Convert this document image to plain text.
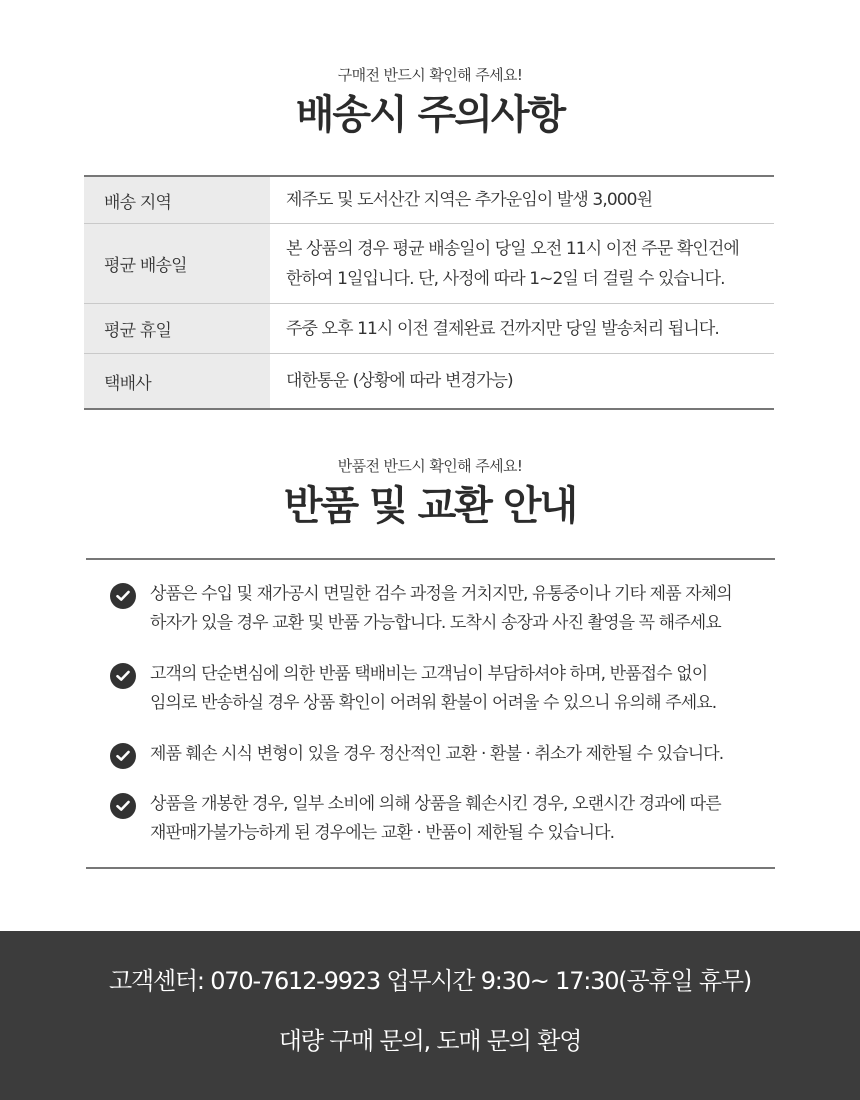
구매전 반드시 확인해 주세요!
배송시 주의사항
배송 지역	제주도 및 도서산간 지역은 추가운임이 발생 3,000원
평균 배송일
본 상품의 경우 평균 배송일이 당일 오전 11시 이전 주문 확인건에
한하여 1일입니다. 단, 사정에 따라 1~2일 더 걸릴 수 있습니다.
평균 휴일	주중 오후 11시 이전 결제완료 건까지만 당일 발송처리 됩니다.
택배사	대한통운 (상황에 따라 변경가능)
반품전 반드시 확인해 주세요!
반품 및 교환 안내
상품은 수입 및 재가공시 면밀한 검수 과정을 거치지만, 유통중이나 기타 제품 자체의
하자가 있을 경우 교환 및 반품 가능합니다. 도착시 송장과 사진 촬영을 꼭 해주세요
고객의 단순변심에 의한 반품 택배비는 고객님이 부담하셔야 하며, 반품접수 없이
임의로 반송하실 경우 상품 확인이 어려워 환불이 어려울 수 있으니 유의해 주세요.
제품 훼손 시식 변형이 있을 경우 정산적인 교환 · 환불 · 취소가 제한될 수 있습니다.
상품을 개봉한 경우, 일부 소비에 의해 상품을 훼손시킨 경우, 오랜시간 경과에 따른
재판매가불가능하게 된 경우에는 교환 · 반품이 제한될 수 있습니다.
고객센터: 070-7612-9923 업무시간 9:30~ 17:30(공휴일 휴무)
대량 구매 문의, 도매 문의 환영
